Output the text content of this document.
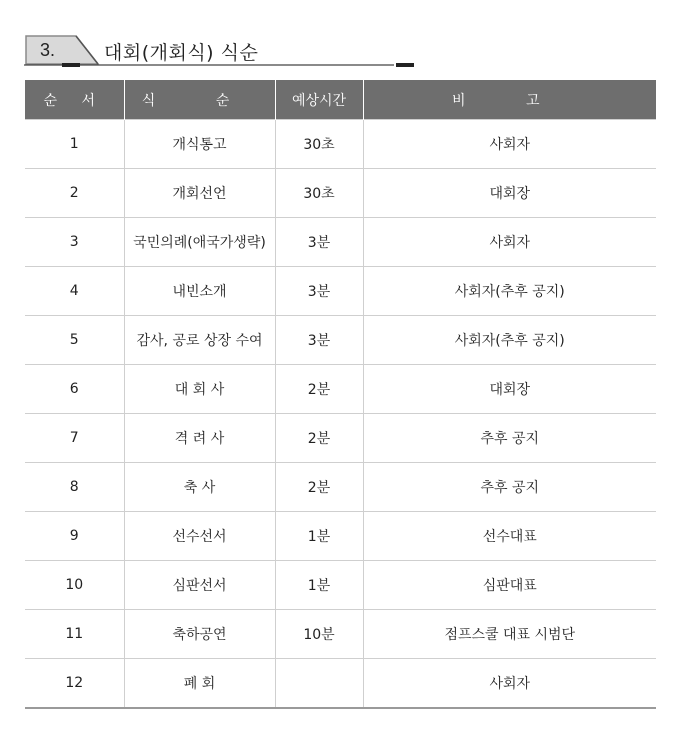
3.	대회(개회식) 식순
순 서	식 순	예상시간	비 고
1	개식통고	30초	사회자
2	개회선언	30초	대회장
3	국민의례(애국가생략)	3분	사회자
4	내빈소개	3분	사회자(추후 공지)
5	감사, 공로 상장 수여	3분	사회자(추후 공지)
6	대 회 사	2분	대회장
7	격 려 사	2분	추후 공지
8	축 사	2분	추후 공지
9	선수선서	1분	선수대표
10	심판선서	1분	심판대표
11	축하공연	10분	점프스쿨 대표 시범단
12	폐 회		사회자
